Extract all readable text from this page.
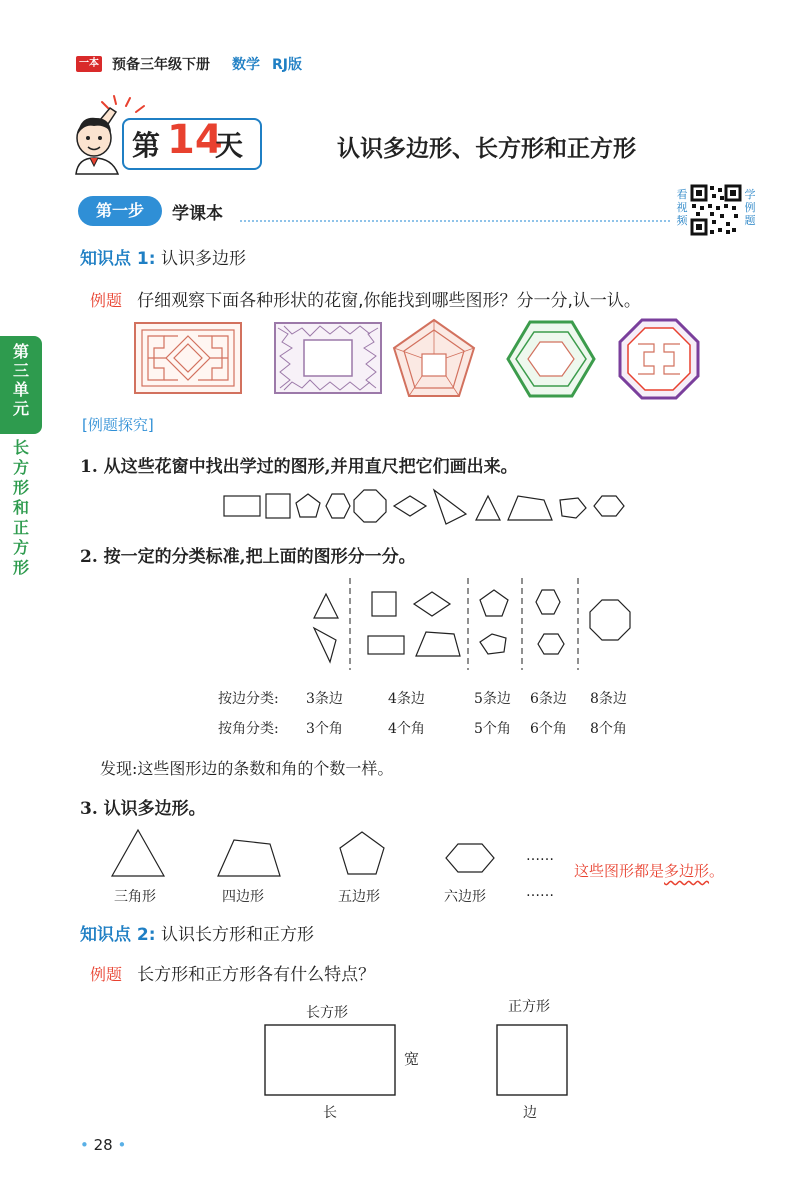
一本 预备三年级下册 数学 RJ版
第 14
天	认识多边形、长方形和正方形
第一步	学课本
看
视
频
学
例
题
第
三
单
元
长
方
形
和
正
方
形
知识点 1: 认识多边形
例题 仔细观察下面各种形状的花窗,你能找到哪些图形？分一分,认一认。
[例题探究]
1. 从这些花窗中找出学过的图形,并用直尺把它们画出来。
2. 按一定的分类标准,把上面的图形分一分。
按边分类: 3条边	4条边	5条边 6条边 8条边
按角分类: 3个角	4个角	5个角 6个角 8个角
发现:这些图形边的条数和角的个数一样。
3. 认识多边形。
三角形	四边形	五边形	六边形
……
……
这些图形都是多边形。
知识点 2: 认识长方形和正方形
例题 长方形和正方形各有什么特点？
长方形
宽
长
正方形
边
• 28 •
